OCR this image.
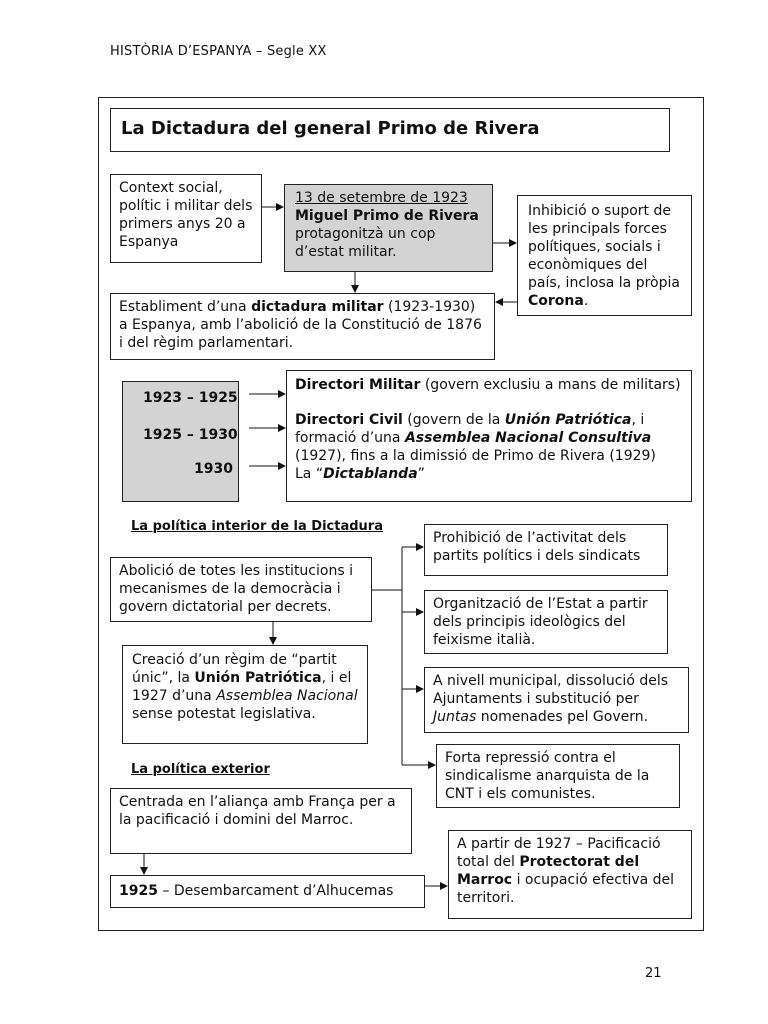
HISTÒRIA D’ESPANYA – Segle XX
La Dictadura del general Primo de Rivera
Context social, polític i militar dels primers anys 20 a Espanya
13 de setembre de 1923
Miguel Primo de Rivera protagonitzà un cop d’estat militar.
Inhibició o suport de les principals forces polítiques, socials i econòmiques del país, inclosa la pròpia Corona.
Establiment d’una dictadura militar (1923-1930) a Espanya, amb l’abolició de la Constitució de 1876 i del règim parlamentari.
1923 – 1925
1925 – 1930
1930
Directori Militar (govern exclusiu a mans de militars)
Directori Civil (govern de la Unión Patriótica, i formació d’una Assemblea Nacional Consultiva (1927), fins a la dimissió de Primo de Rivera (1929)
La “Dictablanda”
La política interior de la Dictadura
Abolició de totes les institucions i mecanismes de la democràcia i govern dictatorial per decrets.
Creació d’un règim de “partit únic”, la Unión Patriótica, i el 1927 d’una Assemblea Nacional sense potestat legislativa.
Prohibició de l’activitat dels partits polítics i dels sindicats
Organització de l’Estat a partir dels principis ideològics del feixisme italià.
A nivell municipal, dissolució dels Ajuntaments i substitució per Juntas nomenades pel Govern.
Forta repressió contra el sindicalisme anarquista de la CNT i els comunistes.
La política exterior
Centrada en l’aliança amb França per a la pacificació i domini del Marroc.
1925 – Desembarcament d’Alhucemas
A partir de 1927 – Pacificació total del Protectorat del Marroc i ocupació efectiva del territori.
21
